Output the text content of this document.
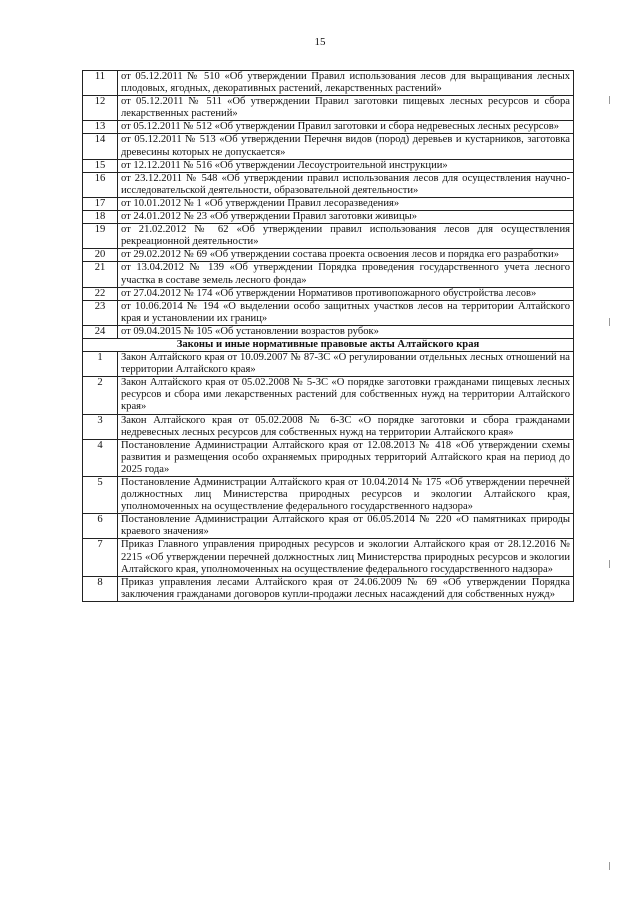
15
11	от 05.12.2011 № 510 «Об утверждении Правил использования лесов для выращивания лесных плодовых, ягодных, декоративных растений, лекарственных растений»
12	от 05.12.2011 № 511 «Об утверждении Правил заготовки пищевых лесных ресурсов и сбора лекарственных растений»
13	от 05.12.2011 № 512 «Об утверждении Правил заготовки и сбора недревесных лесных ресурсов»
14	от 05.12.2011 № 513 «Об утверждении Перечня видов (пород) деревьев и кустарников, заготовка древесины которых не допускается»
15	от 12.12.2011 № 516 «Об утверждении Лесоустроительной инструкции»
16	от 23.12.2011 № 548 «Об утверждении правил использования лесов для осуществления научно-исследовательской деятельности, образовательной деятельности»
17	от 10.01.2012 № 1 «Об утверждении Правил лесоразведения»
18	от 24.01.2012 № 23 «Об утверждении Правил заготовки живицы»
19	от 21.02.2012 № 62 «Об утверждении правил использования лесов для осуществления рекреационной деятельности»
20	от 29.02.2012 № 69 «Об утверждении состава проекта освоения лесов и порядка его разработки»
21	от 13.04.2012 № 139 «Об утверждении Порядка проведения государственного учета лесного участка в составе земель лесного фонда»
22	от 27.04.2012 № 174 «Об утверждении Нормативов противопожарного обустройства лесов»
23	от 10.06.2014 № 194 «О выделении особо защитных участков лесов на территории Алтайского края и установлении их границ»
24	от 09.04.2015 № 105 «Об установлении возрастов рубок»
Законы и иные нормативные правовые акты Алтайского края	
1	Закон Алтайского края от 10.09.2007 № 87-ЗС «О регулировании отдельных лесных отношений на территории Алтайского края»
2	Закон Алтайского края от 05.02.2008 № 5-ЗС «О порядке заготовки гражданами пищевых лесных ресурсов и сбора ими лекарственных растений для собственных нужд на территории Алтайского края»
3	Закон Алтайского края от 05.02.2008 № 6-ЗС «О порядке заготовки и сбора гражданами недревесных лесных ресурсов для собственных нужд на территории Алтайского края»
4	Постановление Администрации Алтайского края от 12.08.2013 № 418 «Об утверждении схемы развития и размещения особо охраняемых природных территорий Алтайского края на период до 2025 года»
5	Постановление Администрации Алтайского края от 10.04.2014 № 175 «Об утверждении перечней должностных лиц Министерства природных ресурсов и экологии Алтайского края, уполномоченных на осуществление федерального государственного надзора»
6	Постановление Администрации Алтайского края от 06.05.2014 № 220 «О памятниках природы краевого значения»
7	Приказ Главного управления природных ресурсов и экологии Алтайского края от 28.12.2016 № 2215 «Об утверждении перечней должностных лиц Министерства природных ресурсов и экологии Алтайского края, уполномоченных на осуществление федерального государственного надзора»
8	Приказ управления лесами Алтайского края от 24.06.2009 № 69 «Об утверждении Порядка заключения гражданами договоров купли-продажи лесных насаждений для собственных нужд»
